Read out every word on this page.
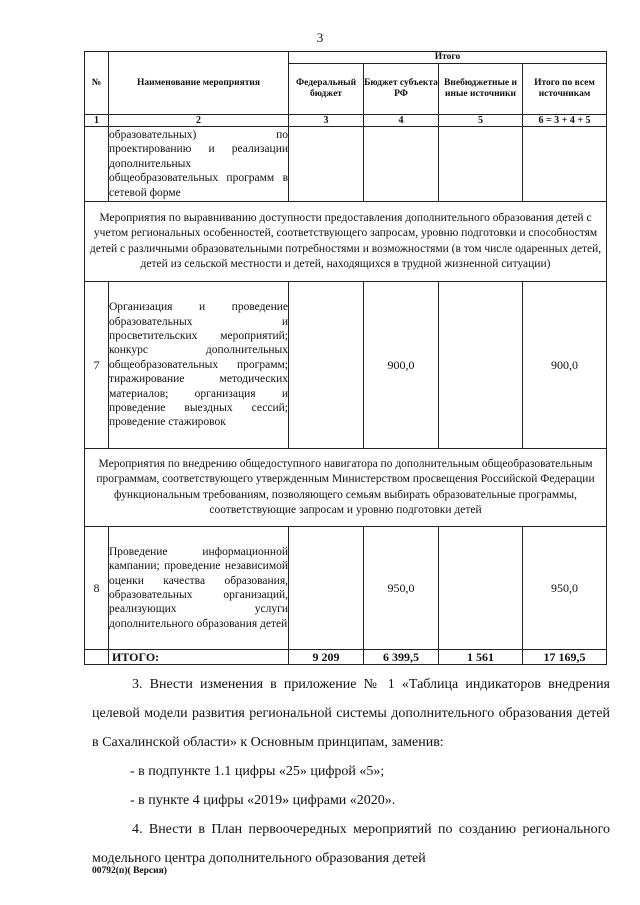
3
№	Наименование мероприятия	Итого			
		Федеральный бюджет	Бюджет субъекта РФ	Внебюджетные и иные источники	Итого по всем источникам
1	2	3	4	5	6 = 3 + 4 + 5
	образовательных) по проектированию и реализации дополнительных общеобразовательных программ в сетевой форме				
Мероприятия по выравниванию доступности предоставления дополнительного образования детей с учетом региональных особенностей, соответствующего запросам, уровню подготовки и способностям детей с различными образовательными потребностями и возможностями (в том числе одаренных детей, детей из сельской местности и детей, находящихся в трудной жизненной ситуации)					
7	Организация и проведение образовательных и просветительских мероприятий; конкурс дополнительных общеобразовательных программ; тиражирование методических материалов; организация и проведение выездных сессий; проведение стажировок		900,0		900,0
Мероприятия по внедрению общедоступного навигатора по дополнительным общеобразовательным программам, соответствующего утвержденным Министерством просвещения Российской Федерации функциональным требованиям, позволяющего семьям выбирать образовательные программы, соответствующие запросам и уровню подготовки детей					
8	Проведение информационной кампании; проведение независимой оценки качества образования, образовательных организаций, реализующих услуги дополнительного образования детей		950,0		950,0
	ИТОГО:	9 209	6 399,5	1 561	17 169,5

3. Внести изменения в приложение № 1 «Таблица индикаторов внедрения целевой модели развития региональной системы дополнительного образования детей в Сахалинской области» к Основным принципам, заменив:

- в подпункте 1.1 цифры «25» цифрой «5»;

- в пункте 4 цифры «2019» цифрами «2020».

4. Внести в План первоочередных мероприятий по созданию регионального модельного центра дополнительного образования детей

00792(п)( Версия)
